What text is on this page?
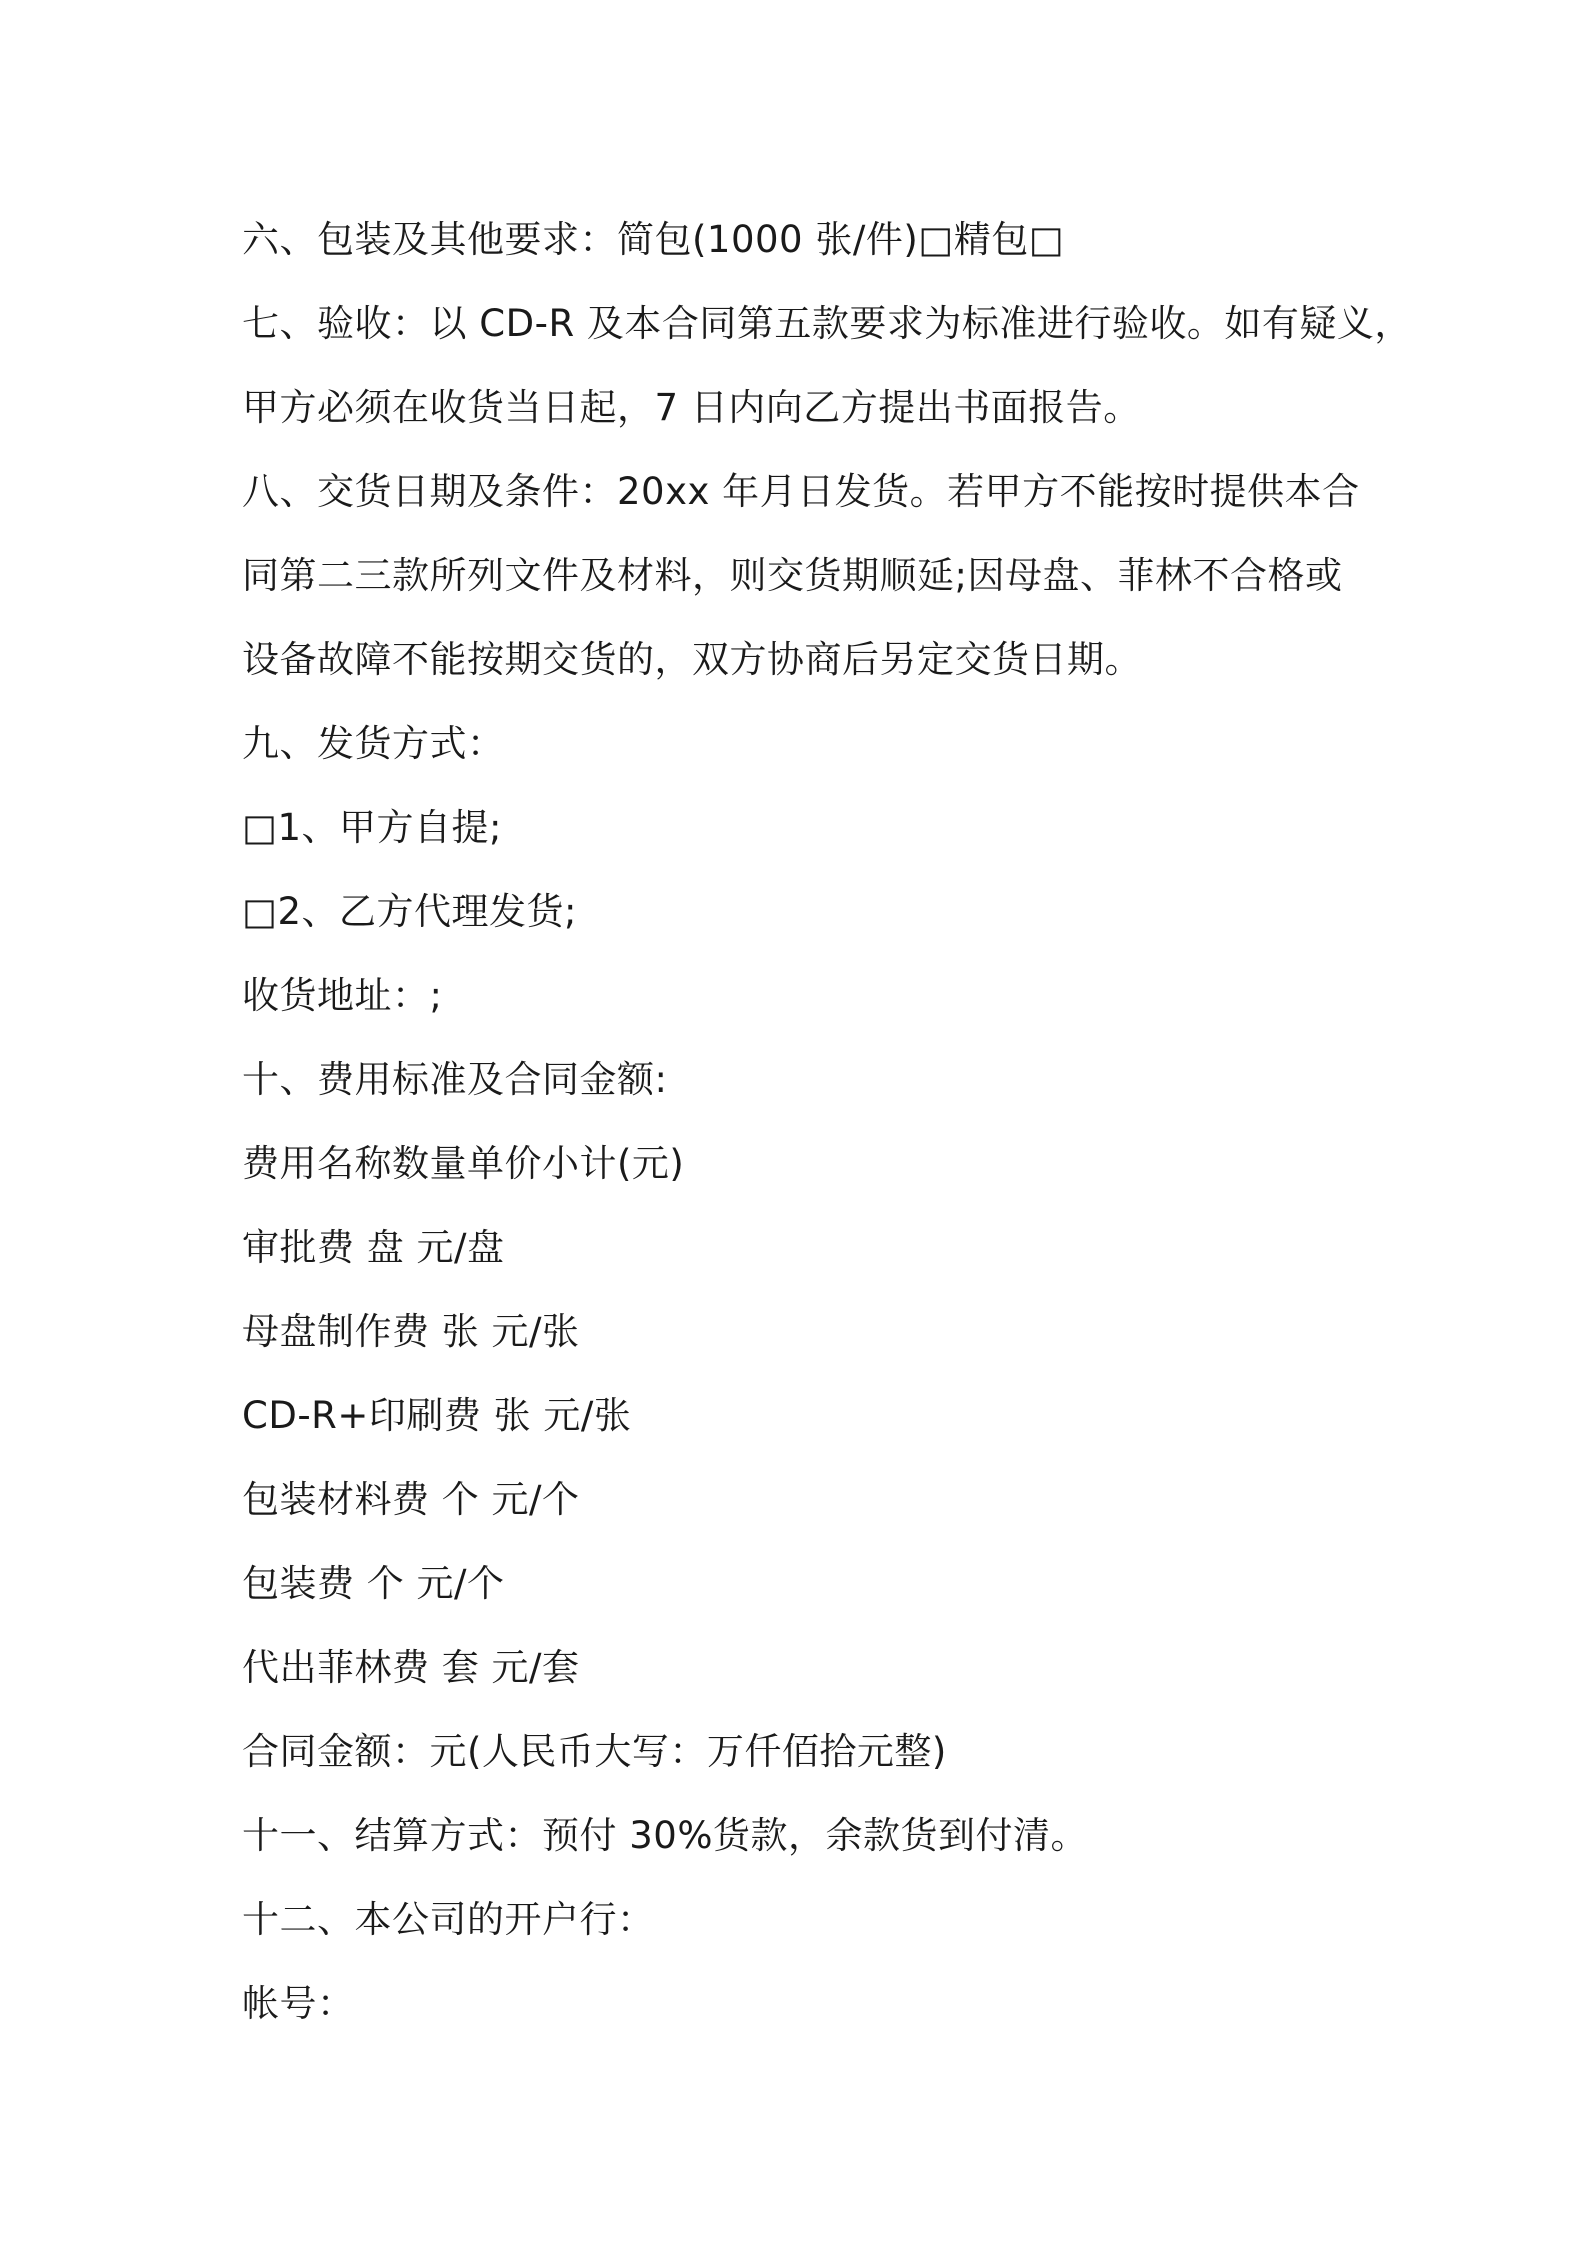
六、包装及其他要求：简包(1000 张/件)□精包□
七、验收：以 CD-R 及本合同第五款要求为标准进行验收。如有疑义，
甲方必须在收货当日起，7 日内向乙方提出书面报告。
八、交货日期及条件：20xx 年月日发货。若甲方不能按时提供本合
同第二三款所列文件及材料，则交货期顺延;因母盘、菲林不合格或
设备故障不能按期交货的，双方协商后另定交货日期。
九、发货方式：
□1、甲方自提;
□2、乙方代理发货;
收货地址：;
十、费用标准及合同金额:
费用名称数量单价小计(元)
审批费 盘 元/盘
母盘制作费 张 元/张
CD-R+印刷费 张 元/张
包装材料费 个 元/个
包装费 个 元/个
代出菲林费 套 元/套
合同金额：元(人民币大写：万仟佰拾元整)
十一、结算方式：预付 30%货款，余款货到付清。
十二、本公司的开户行：
帐号：
